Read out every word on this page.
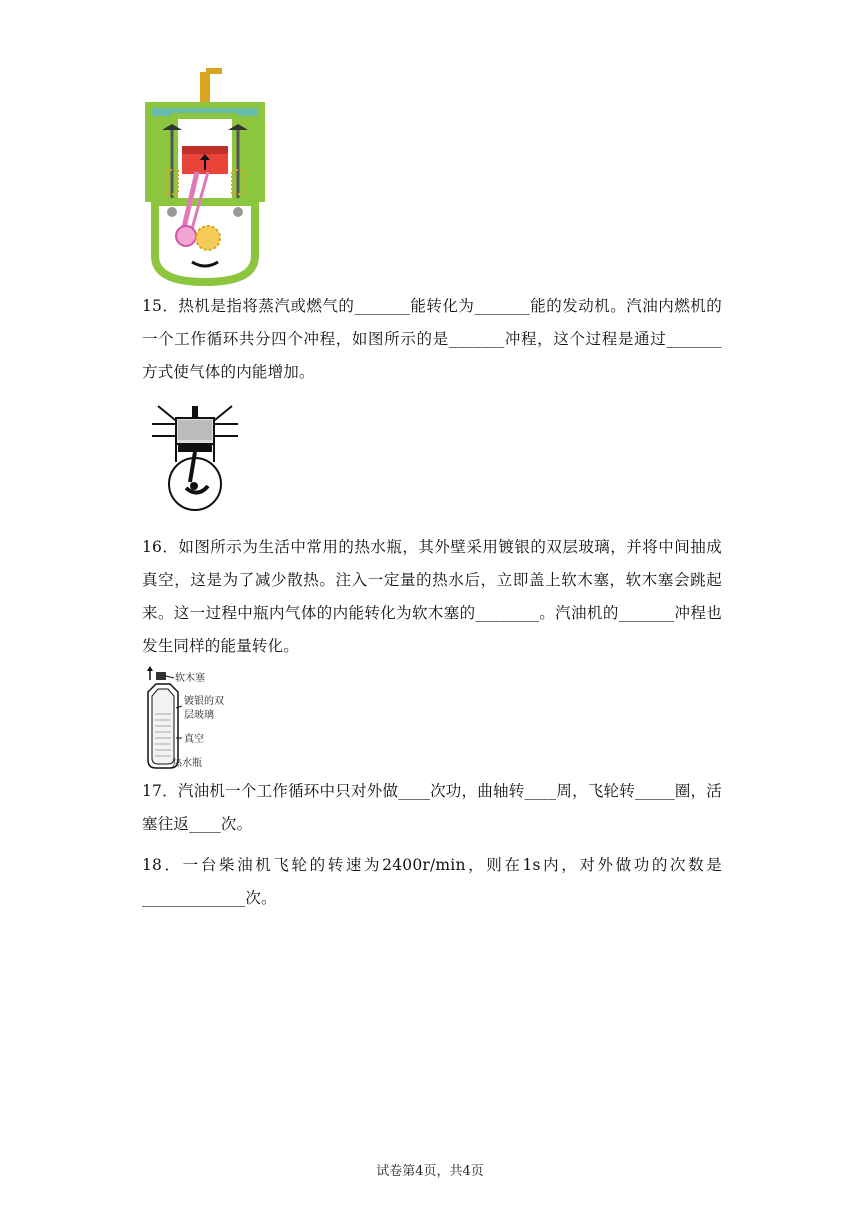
15．热机是指将蒸汽或燃气的_______能转化为_______能的发动机。汽油内燃机的一个工作循环共分四个冲程，如图所示的是_______冲程，这个过程是通过_______方式使气体的内能增加。

16．如图所示为生活中常用的热水瓶，其外壁采用镀银的双层玻璃，并将中间抽成真空，这是为了减少散热。注入一定量的热水后，立即盖上软木塞，软木塞会跳起来。这一过程中瓶内气体的内能转化为软木塞的________。汽油机的_______冲程也发生同样的能量转化。

软木塞
镀银的双
层玻璃
真空
热水瓶

17．汽油机一个工作循环中只对外做____次功，曲轴转____周，飞轮转_____圈，活塞往返____次。

18．一台柴油机飞轮的转速为2400r/min，则在1s内，对外做功的次数是_____________次。

试卷第4页，共4页
